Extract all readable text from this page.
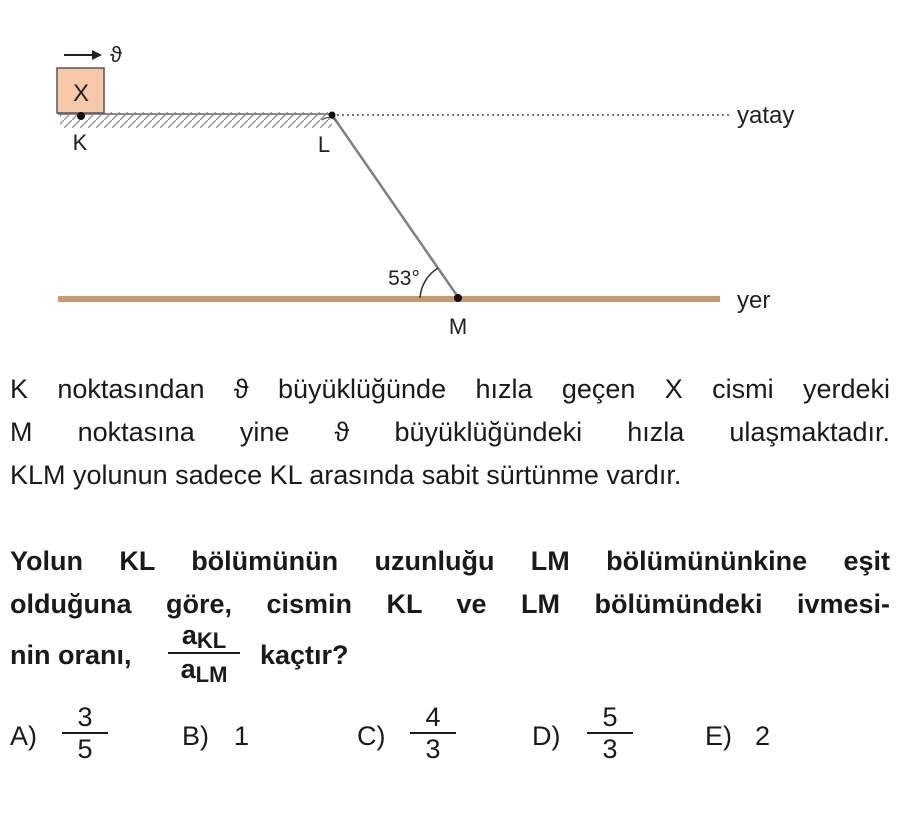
X
ϑ
K	L
M
53°
yatay
yer
K noktasından ϑ büyüklüğünde hızla geçen X cismi yerdeki
M noktasına yine ϑ büyüklüğündeki hızla ulaşmaktadır.
KLM yolunun sadece KL arasında sabit sürtünme vardır.
Yolun KL bölümünün uzunluğu LM bölümününkine eşit
olduğuna göre, cismin KL ve LM bölümündeki ivmesi-
nin oranı,
aKL
aLM
kaçtır?
A)
3
5	B) 1	C)
4
3	D)
5
3	E) 2
